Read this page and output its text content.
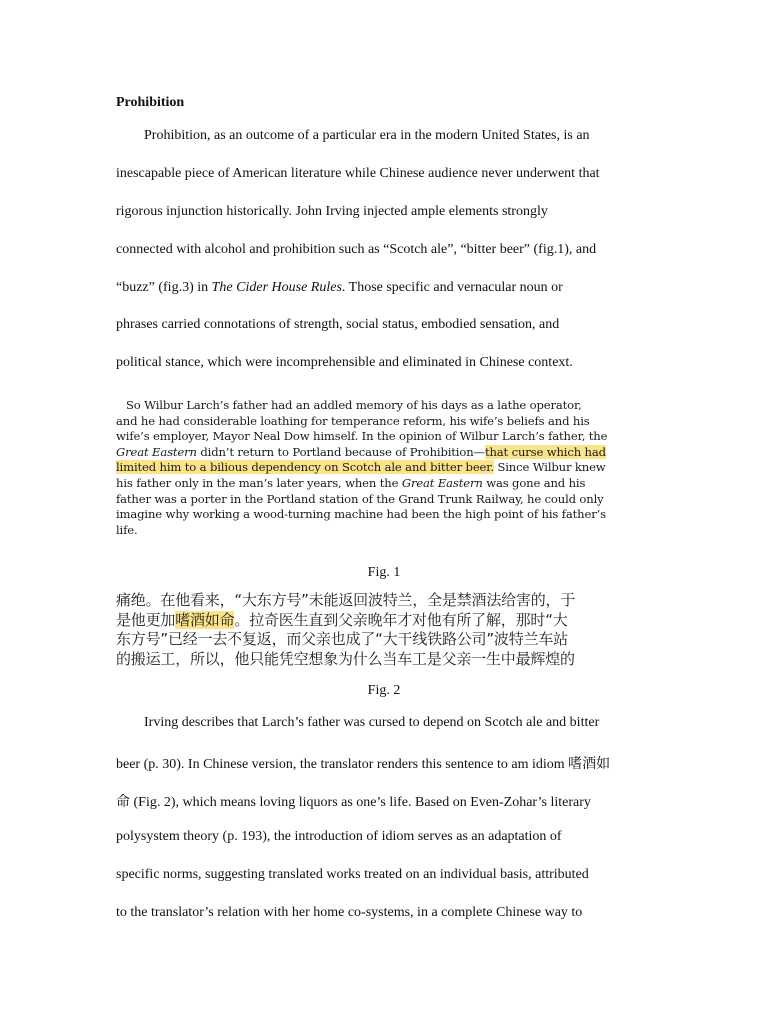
Prohibition
Prohibition, as an outcome of a particular era in the modern United States, is an
inescapable piece of American literature while Chinese audience never underwent that
rigorous injunction historically. John Irving injected ample elements strongly
connected with alcohol and prohibition such as “Scotch ale”, “bitter beer” (fig.1), and
“buzz” (fig.3) in The Cider House Rules. Those specific and vernacular noun or
phrases carried connotations of strength, social status, embodied sensation, and
political stance, which were incomprehensible and eliminated in Chinese context.
So Wilbur Larch’s father had an addled memory of his days as a lathe operator,
and he had considerable loathing for temperance reform, his wife’s beliefs and his
wife’s employer, Mayor Neal Dow himself. In the opinion of Wilbur Larch’s father, the
Great Eastern didn’t return to Portland because of Prohibition—that curse which had
limited him to a bilious dependency on Scotch ale and bitter beer. Since Wilbur knew
his father only in the man’s later years, when the Great Eastern was gone and his
father was a porter in the Portland station of the Grand Trunk Railway, he could only
imagine why working a wood-turning machine had been the high point of his father’s
life.
Fig. 1
痛绝。在他看来，“大东方号”未能返回波特兰，全是禁酒法给害的，于
是他更加嗜酒如命。拉奇医生直到父亲晚年才对他有所了解，那时“大
东方号”已经一去不复返，而父亲也成了“大干线铁路公司”波特兰车站
的搬运工，所以，他只能凭空想象为什么当车工是父亲一生中最辉煌的
Fig. 2
Irving describes that Larch’s father was cursed to depend on Scotch ale and bitter
beer (p. 30). In Chinese version, the translator renders this sentence to am idiom 嗜酒如
命 (Fig. 2), which means loving liquors as one’s life. Based on Even-Zohar’s literary
polysystem theory (p. 193), the introduction of idiom serves as an adaptation of
specific norms, suggesting translated works treated on an individual basis, attributed
to the translator’s relation with her home co-systems, in a complete Chinese way to
